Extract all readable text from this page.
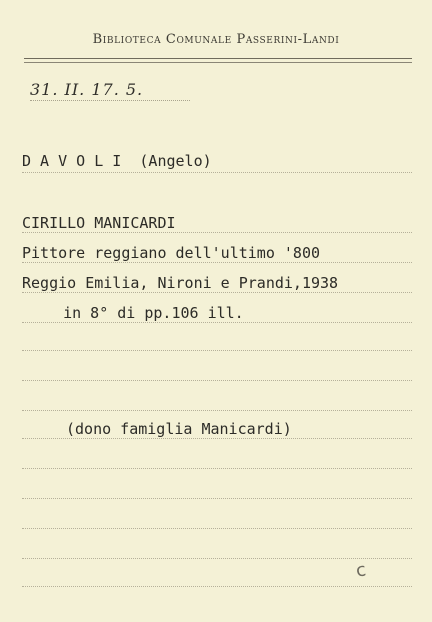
Biblioteca Comunale Passerini-Landi
31. II. 17. 5.
D A V O L I  (Angelo)
CIRILLO MANICARDI
Pittore reggiano dell'ultimo '800
Reggio Emilia, Nironi e Prandi,1938
in 8° di pp.106 ill.
(dono famiglia Manicardi)
ᴄ
